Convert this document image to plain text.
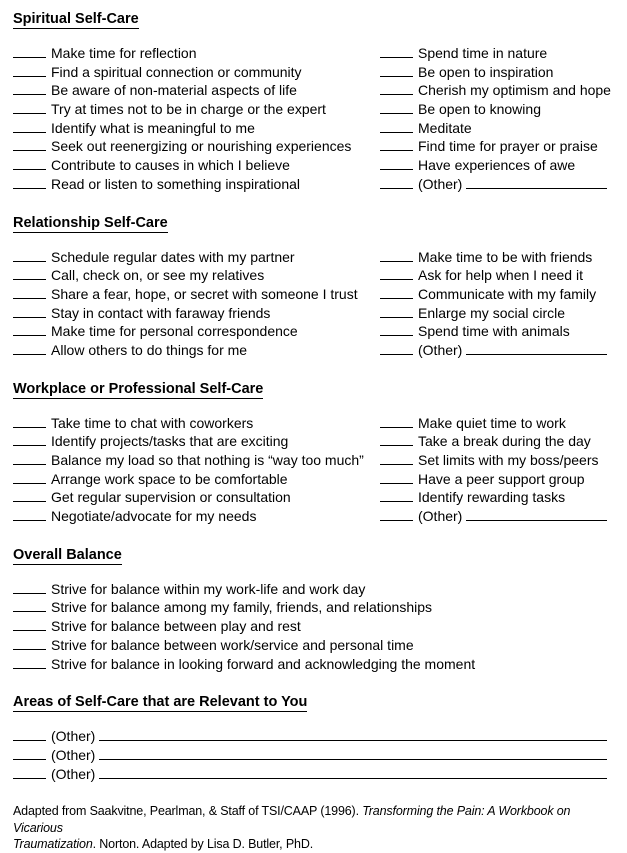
Spiritual Self-Care
Make time for reflection
Find a spiritual connection or community
Be aware of non-material aspects of life
Try at times not to be in charge or the expert
Identify what is meaningful to me
Seek out reenergizing or nourishing experiences
Contribute to causes in which I believe
Read or listen to something inspirational
Spend time in nature
Be open to inspiration
Cherish my optimism and hope
Be open to knowing
Meditate
Find time for prayer or praise
Have experiences of awe
(Other)
Relationship Self-Care
Schedule regular dates with my partner
Call, check on, or see my relatives
Share a fear, hope, or secret with someone I trust
Stay in contact with faraway friends
Make time for personal correspondence
Allow others to do things for me
Make time to be with friends
Ask for help when I need it
Communicate with my family
Enlarge my social circle
Spend time with animals
(Other)
Workplace or Professional Self-Care
Take time to chat with coworkers
Identify projects/tasks that are exciting
Balance my load so that nothing is “way too much”
Arrange work space to be comfortable
Get regular supervision or consultation
Negotiate/advocate for my needs
Make quiet time to work
Take a break during the day
Set limits with my boss/peers
Have a peer support group
Identify rewarding tasks
(Other)
Overall Balance
Strive for balance within my work-life and work day
Strive for balance among my family, friends, and relationships
Strive for balance between play and rest
Strive for balance between work/service and personal time
Strive for balance in looking forward and acknowledging the moment
Areas of Self-Care that are Relevant to You
(Other)
(Other)
(Other)
Adapted from Saakvitne, Pearlman, & Staff of TSI/CAAP (1996). Transforming the Pain: A Workbook on Vicarious
Traumatization. Norton. Adapted by Lisa D. Butler, PhD.
